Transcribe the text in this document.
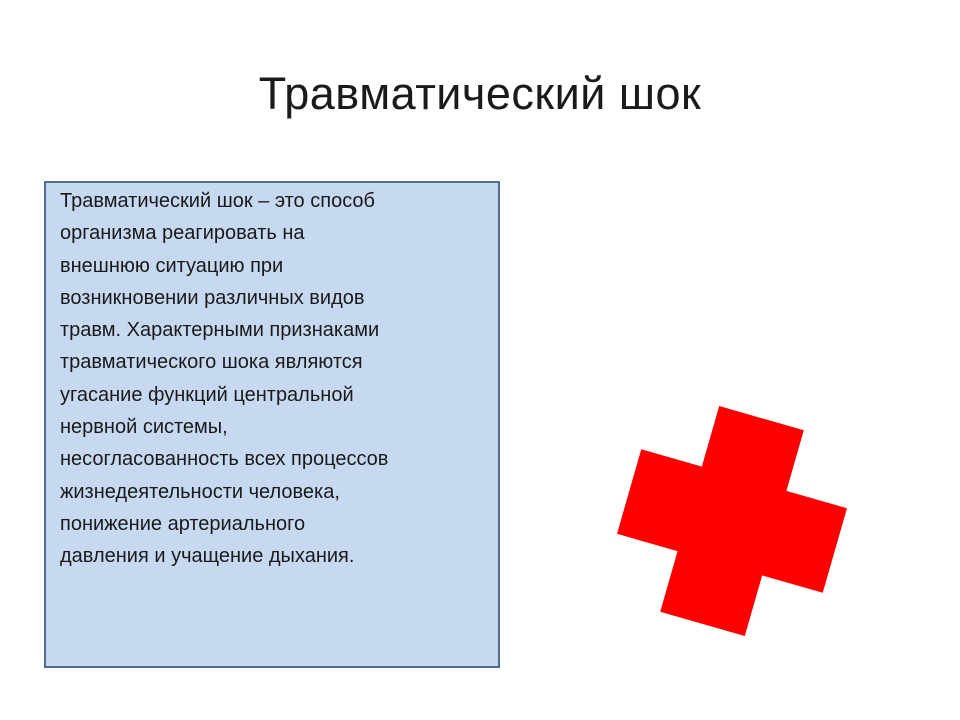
Травматический шок

Травматический шок – это способ
организма реагировать на
внешнюю ситуацию при
возникновении различных видов
травм. Характерными признаками
травматического шока являются
угасание функций центральной
нервной системы,
несогласованность всех процессов
жизнедеятельности человека,
понижение артериального
давления и учащение дыхания.
